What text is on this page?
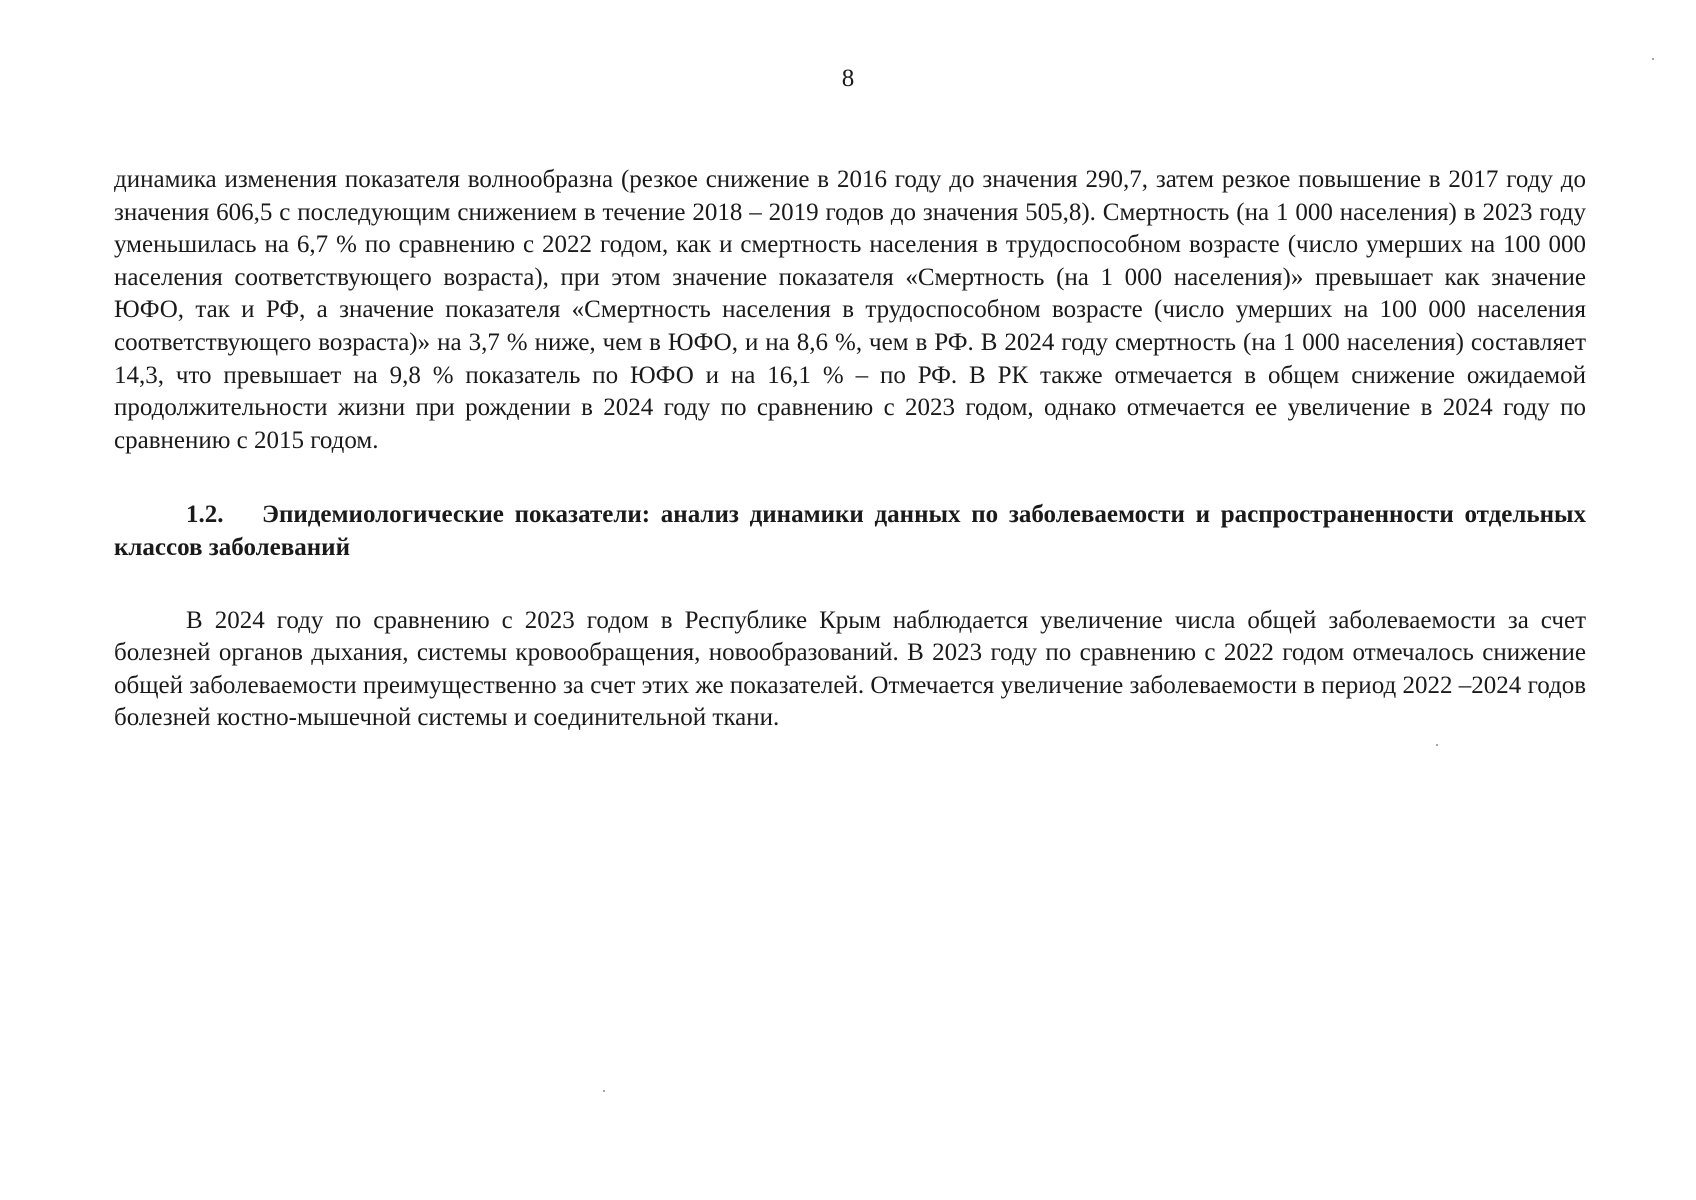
8

динамика изменения показателя волнообразна (резкое снижение в 2016 году до значения 290,7, затем резкое повышение в 2017 году до значения 606,5 с последующим снижением в течение 2018 – 2019 годов до значения 505,8). Смертность (на 1 000 населения) в 2023 году уменьшилась на 6,7 % по сравнению с 2022 годом, как и смертность населения в трудоспособном возрасте (число умерших на 100 000 населения соответствующего возраста), при этом значение показателя «Смертность (на 1 000 населения)» превышает как значение ЮФО, так и РФ, а значение показателя «Смертность населения в трудоспособном возрасте (число умерших на 100 000 населения соответствующего возраста)» на 3,7 % ниже, чем в ЮФО, и на 8,6 %, чем в РФ. В 2024 году смертность (на 1 000 населения) составляет 14,3, что превышает на 9,8 % показатель по ЮФО и на 16,1 % – по РФ. В РК также отмечается в общем снижение ожидаемой продолжительности жизни при рождении в 2024 году по сравнению с 2023 годом, однако отмечается ее увеличение в 2024 году по сравнению с 2015 годом.

1.2. Эпидемиологические показатели: анализ динамики данных по заболеваемости и распространенности отдельных классов заболеваний

В 2024 году по сравнению с 2023 годом в Республике Крым наблюдается увеличение числа общей заболеваемости за счет болезней органов дыхания, системы кровообращения, новообразований. В 2023 году по сравнению с 2022 годом отмечалось снижение общей заболеваемости преимущественно за счет этих же показателей. Отмечается увеличение заболеваемости в период 2022 –2024 годов болезней костно-мышечной системы и соединительной ткани.
